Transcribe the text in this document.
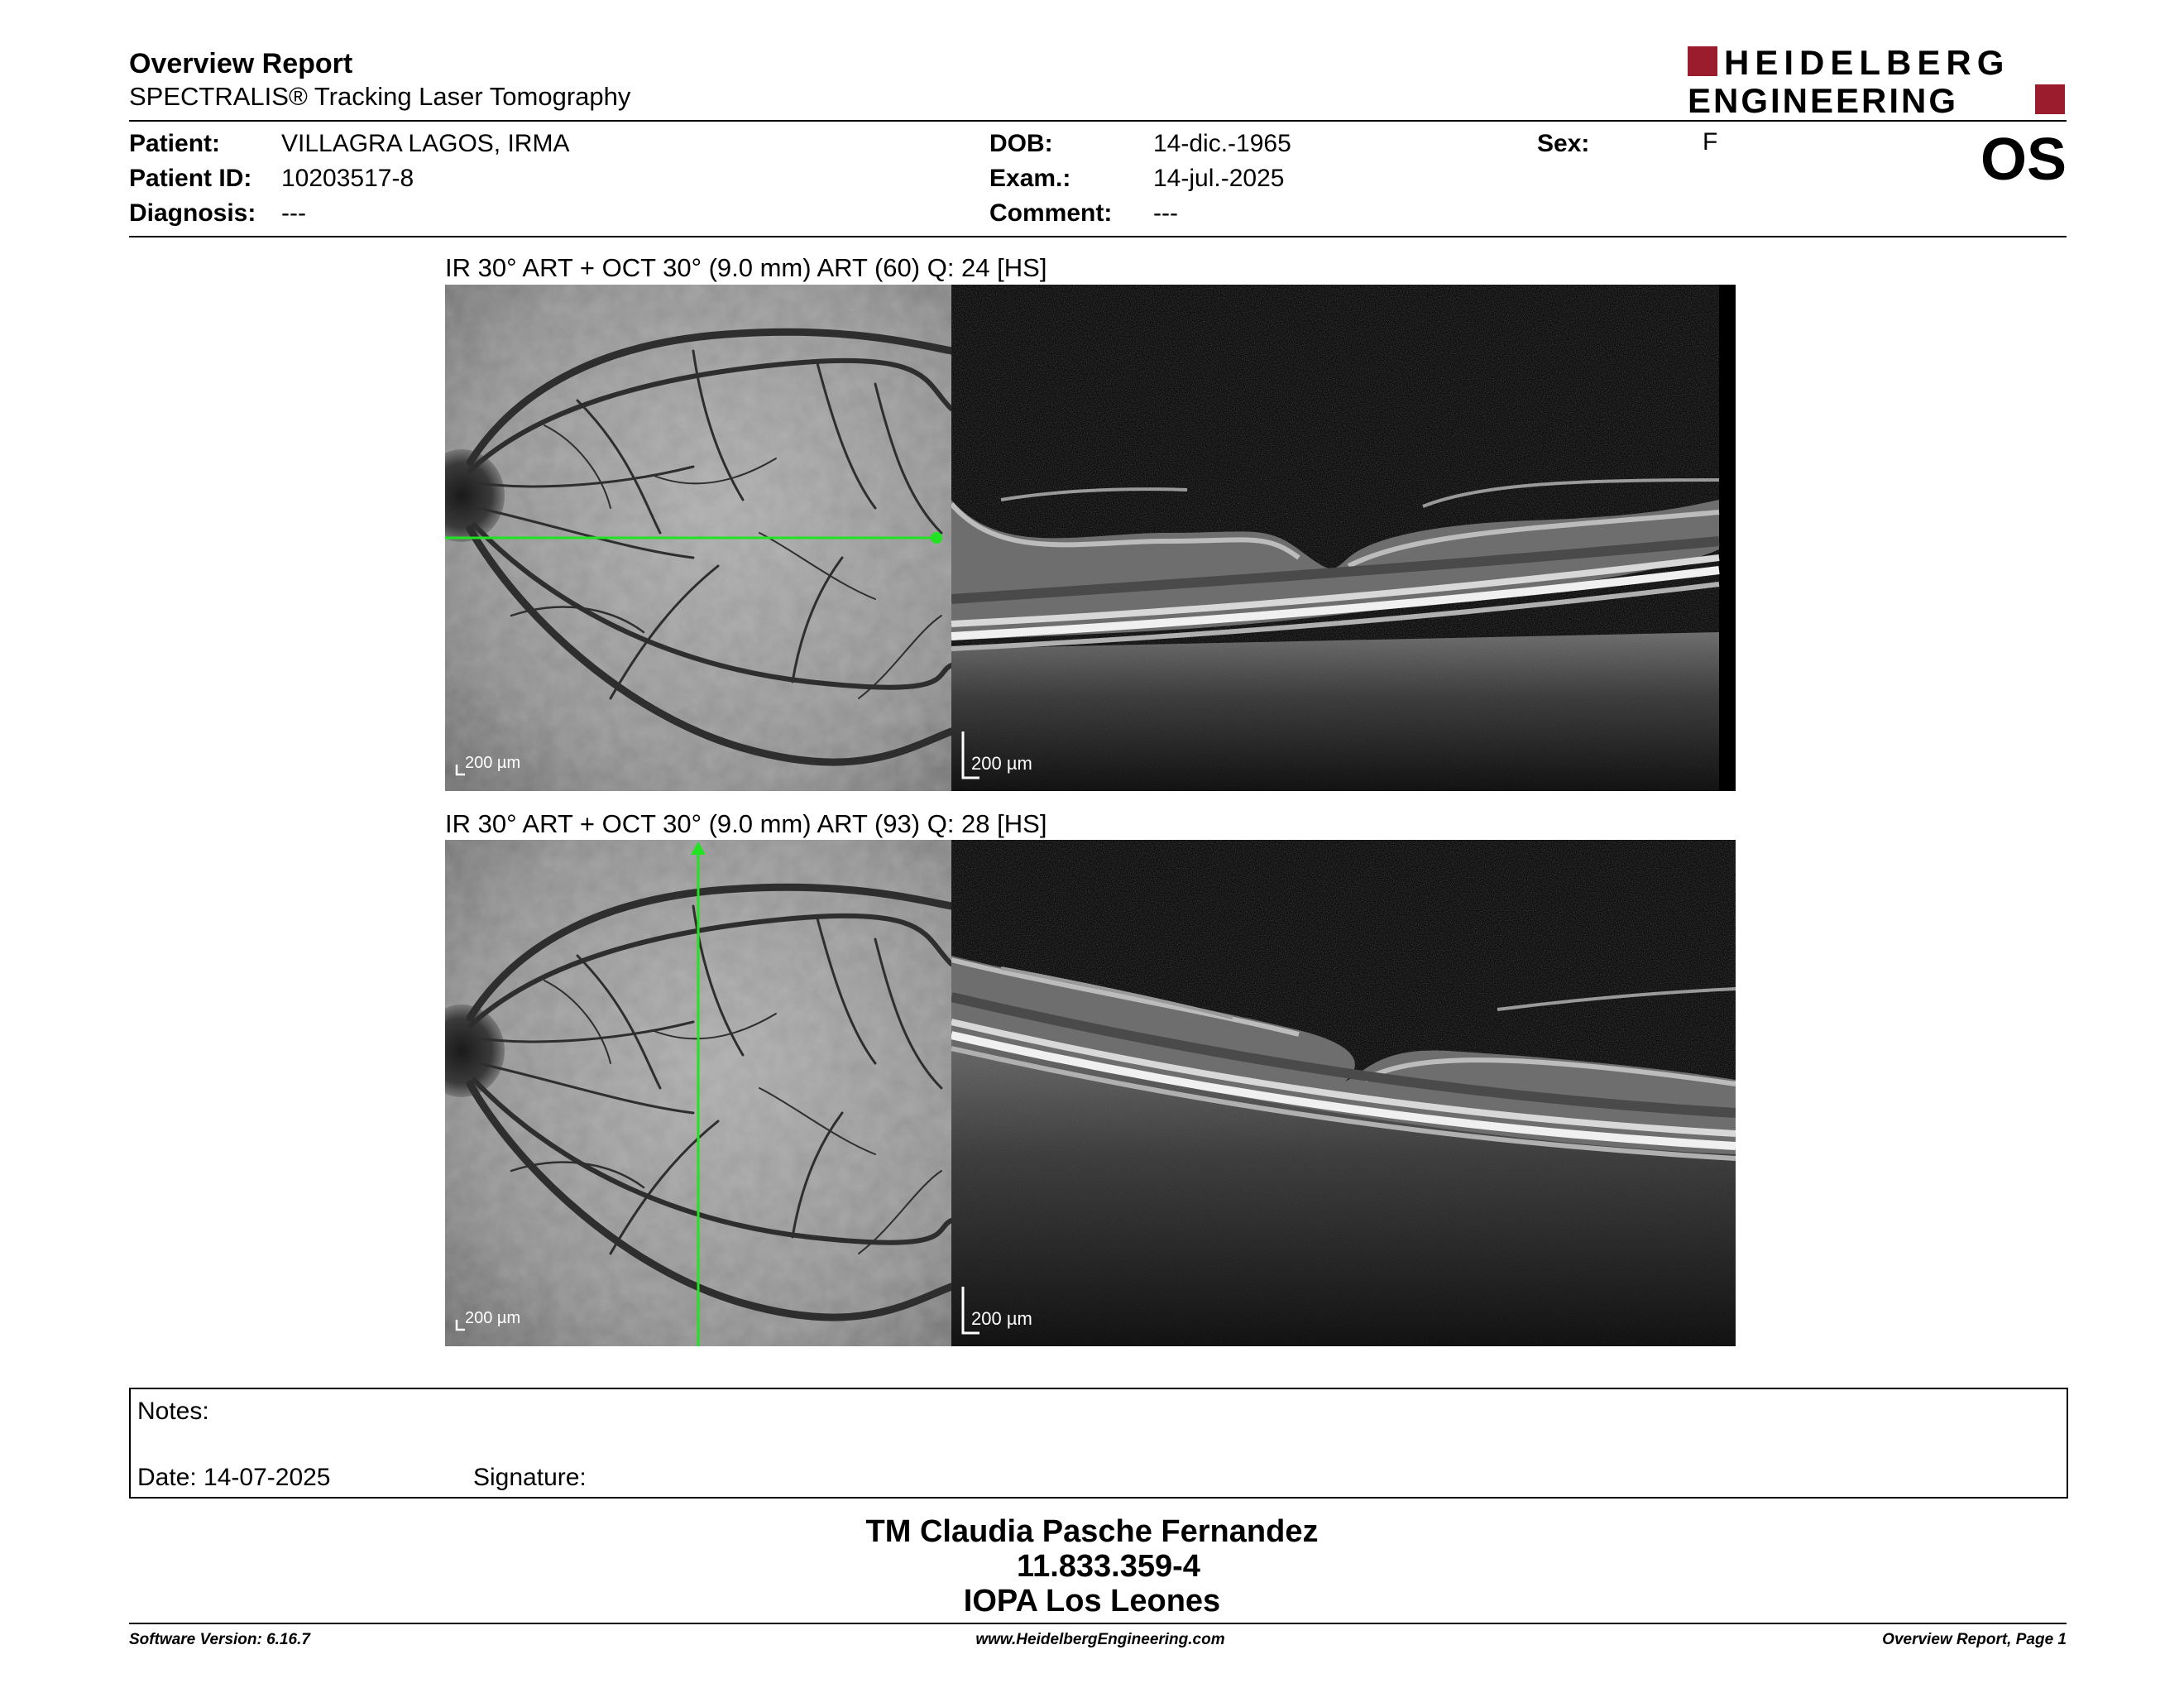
Overview Report
SPECTRALIS® Tracking Laser Tomography
HEIDELBERG
ENGINEERING
Patient: VILLAGRA LAGOS, IRMA
Patient ID: 10203517-8
Diagnosis: ---
DOB:	14-dic.-1965
Exam.:	14-jul.-2025
Comment: ---
Sex:	F	OS
IR 30° ART + OCT 30° (9.0 mm) ART (60) Q: 24 [HS]
200 µm	200 µm
IR 30° ART + OCT 30° (9.0 mm) ART (93) Q: 28 [HS]
200 µm	200 µm
Notes:
Date: 14-07-2025	Signature:
TM Claudia Pasche Fernandez
11.833.359-4
IOPA Los Leones
Software Version: 6.16.7	www.HeidelbergEngineering.com	Overview Report, Page 1
